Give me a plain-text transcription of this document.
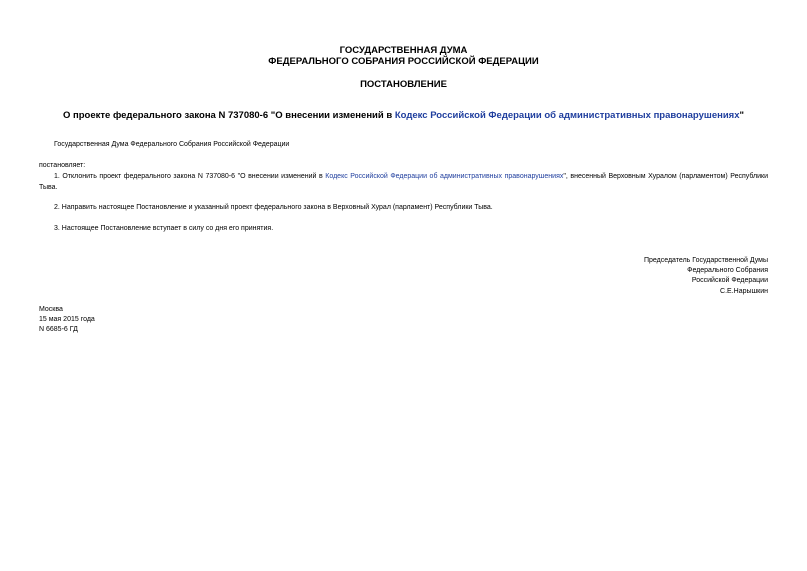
ГОСУДАРСТВЕННАЯ ДУМА
ФЕДЕРАЛЬНОГО СОБРАНИЯ РОССИЙСКОЙ ФЕДЕРАЦИИ
ПОСТАНОВЛЕНИЕ
О проекте федерального закона N 737080-6 "О внесении изменений в Кодекс Российской Федерации об административных правонарушениях"
Государственная Дума Федерального Собрания Российской Федерации
постановляет:
1. Отклонить проект федерального закона N 737080-6 "О внесении изменений в Кодекс Российской Федерации об административных правонарушениях", внесенный Верховным Хуралом (парламентом) Республики Тыва.
2. Направить настоящее Постановление и указанный проект федерального закона в Верховный Хурал (парламент) Республики Тыва.
3. Настоящее Постановление вступает в силу со дня его принятия.
Председатель Государственной Думы
Федерального Собрания
Российской Федерации
С.Е.Нарышкин
Москва
15 мая 2015 года
N 6685-6 ГД
